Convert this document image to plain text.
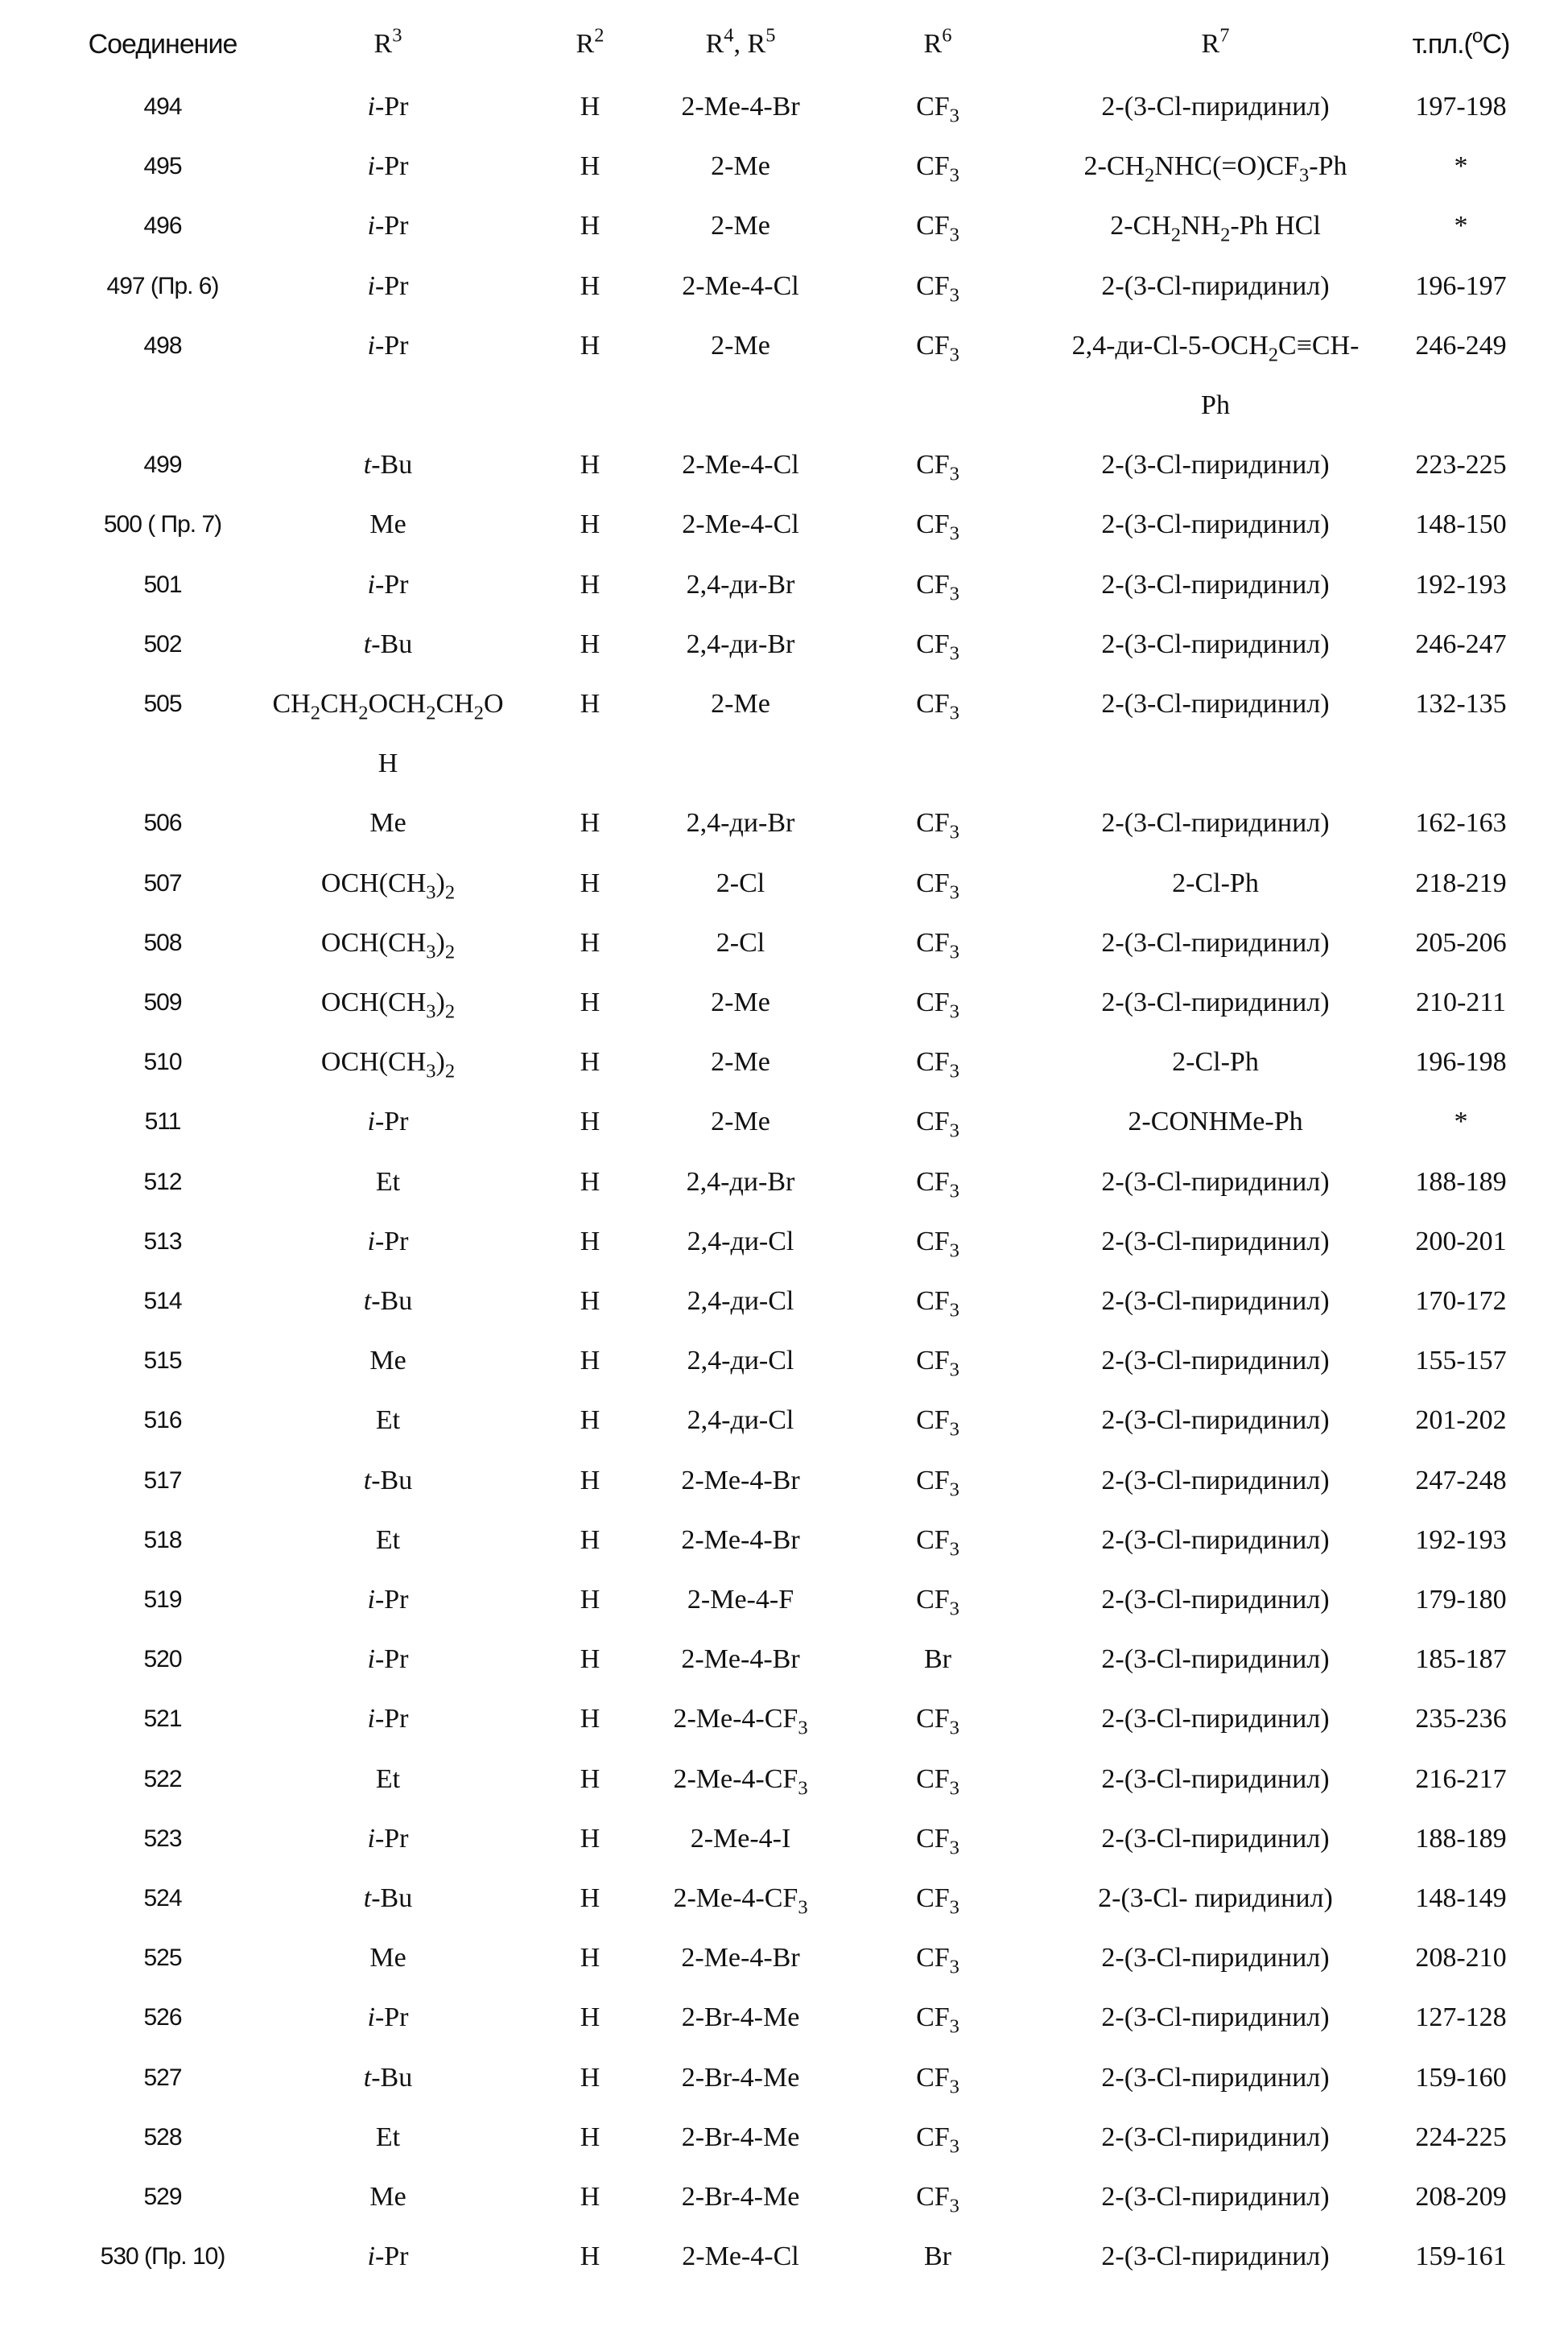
Соединение	R3	R2	R4, R5	R6	R7	т.пл.(oC)
494	i-Pr	H	2-Me-4-Br	CF3	2-(3-Cl-пиридинил)	197-198
495	i-Pr	H	2-Me	CF3	2-CH2NHC(=O)CF3-Ph	*
496	i-Pr	H	2-Me	CF3	2-CH2NH2-Ph HCl	*
497 (Пр. 6)	i-Pr	H	2-Me-4-Cl	CF3	2-(3-Cl-пиридинил)	196-197
498	i-Pr	H	2-Me	CF3	2,4-ди-Cl-5-OCH2C≡CH- 246-249
Ph
499	t-Bu	H	2-Me-4-Cl	CF3	2-(3-Cl-пиридинил)	223-225
500 ( Пр. 7)	Me	H	2-Me-4-Cl	CF3	2-(3-Cl-пиридинил)	148-150
501	i-Pr	H	2,4-ди-Br	CF3	2-(3-Cl-пиридинил)	192-193
502	t-Bu	H	2,4-ди-Br	CF3	2-(3-Cl-пиридинил)	246-247
505	CH2CH2OCH2CH2O	H	2-Me	CF3	2-(3-Cl-пиридинил)	132-135
H
506	Me	H	2,4-ди-Br	CF3	2-(3-Cl-пиридинил)	162-163
507	OCH(CH3)2	H	2-Cl	CF3	2-Cl-Ph	218-219
508	OCH(CH3)2	H	2-Cl	CF3	2-(3-Cl-пиридинил)	205-206
509	OCH(CH3)2	H	2-Me	CF3	2-(3-Cl-пиридинил)	210-211
510	OCH(CH3)2	H	2-Me	CF3	2-Cl-Ph	196-198
511	i-Pr	H	2-Me	CF3	2-CONHMe-Ph	*
512	Et	H	2,4-ди-Br	CF3	2-(3-Cl-пиридинил)	188-189
513	i-Pr	H	2,4-ди-Cl	CF3	2-(3-Cl-пиридинил)	200-201
514	t-Bu	H	2,4-ди-Cl	CF3	2-(3-Cl-пиридинил)	170-172
515	Me	H	2,4-ди-Cl	CF3	2-(3-Cl-пиридинил)	155-157
516	Et	H	2,4-ди-Cl	CF3	2-(3-Cl-пиридинил)	201-202
517	t-Bu	H	2-Me-4-Br	CF3	2-(3-Cl-пиридинил)	247-248
518	Et	H	2-Me-4-Br	CF3	2-(3-Cl-пиридинил)	192-193
519	i-Pr	H	2-Me-4-F	CF3	2-(3-Cl-пиридинил)	179-180
520	i-Pr	H	2-Me-4-Br	Br	2-(3-Cl-пиридинил)	185-187
521	i-Pr	H	2-Me-4-CF3	CF3	2-(3-Cl-пиридинил)	235-236
522	Et	H	2-Me-4-CF3	CF3	2-(3-Cl-пиридинил)	216-217
523	i-Pr	H	2-Me-4-I	CF3	2-(3-Cl-пиридинил)	188-189
524	t-Bu	H	2-Me-4-CF3	CF3	2-(3-Cl- пиридинил)	148-149
525	Me	H	2-Me-4-Br	CF3	2-(3-Cl-пиридинил)	208-210
526	i-Pr	H	2-Br-4-Me	CF3	2-(3-Cl-пиридинил)	127-128
527	t-Bu	H	2-Br-4-Me	CF3	2-(3-Cl-пиридинил)	159-160
528	Et	H	2-Br-4-Me	CF3	2-(3-Cl-пиридинил)	224-225
529	Me	H	2-Br-4-Me	CF3	2-(3-Cl-пиридинил)	208-209
530 (Пр. 10)	i-Pr	H	2-Me-4-Cl	Br	2-(3-Cl-пиридинил)	159-161
